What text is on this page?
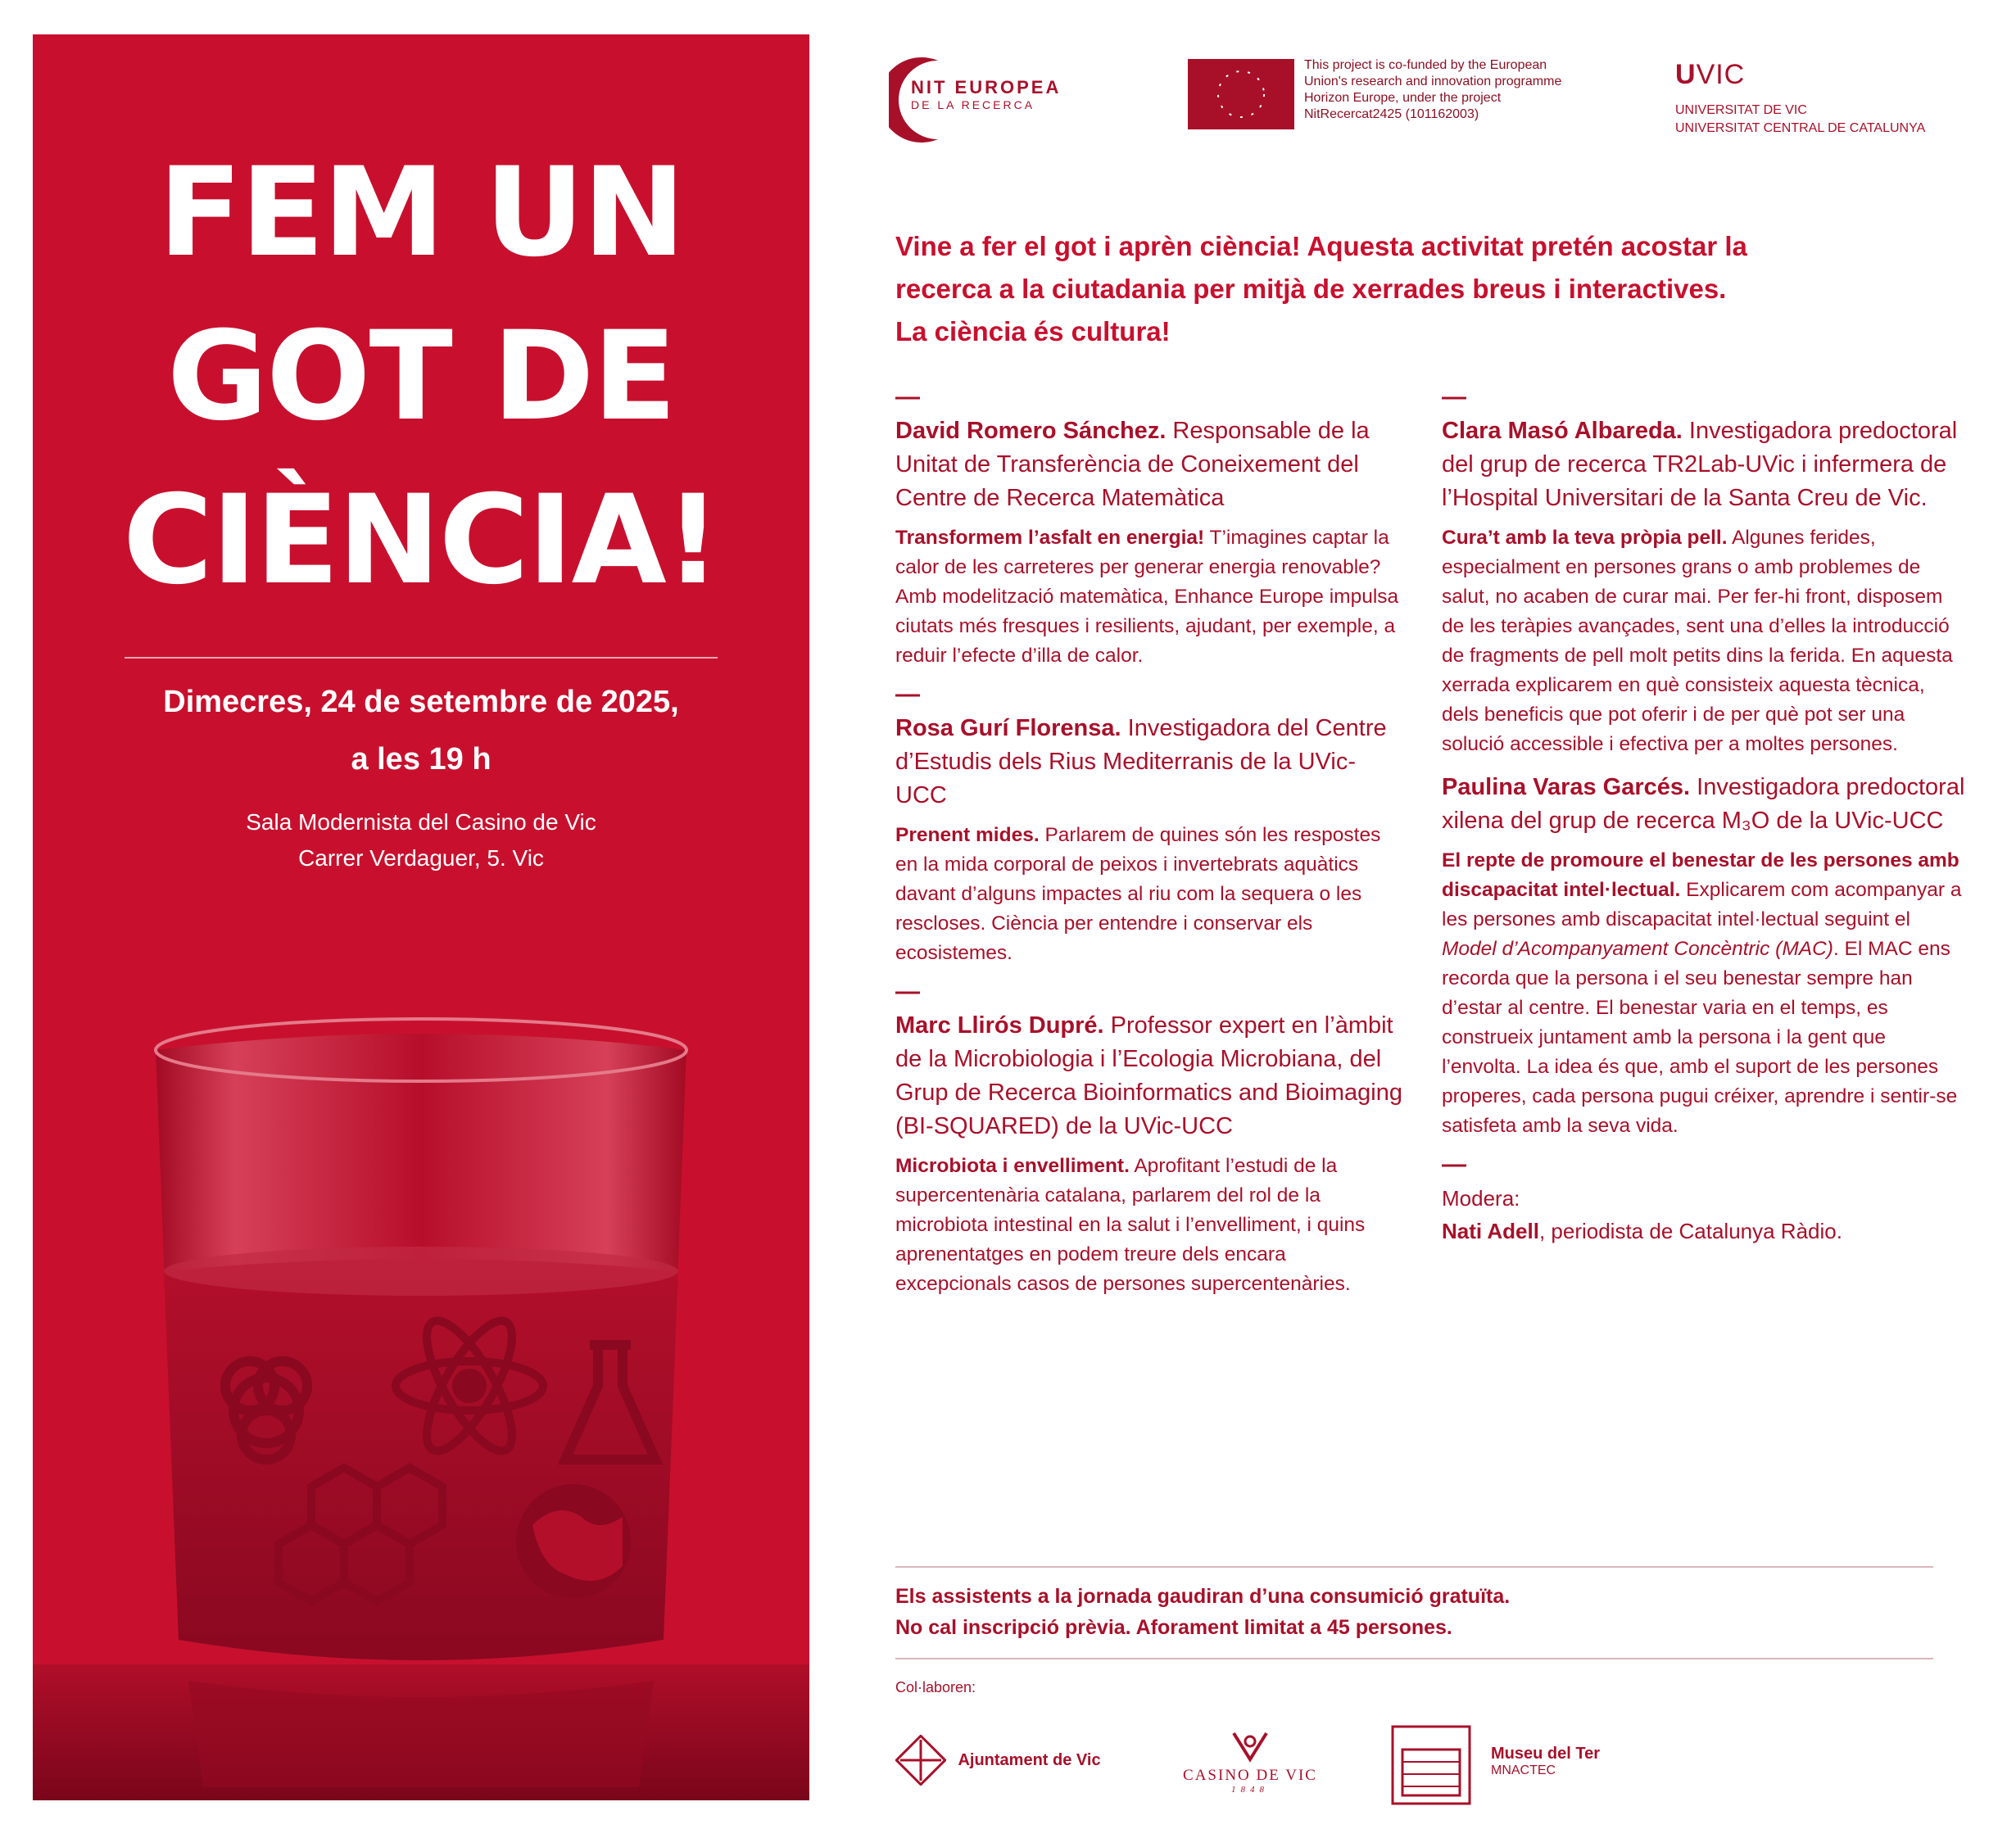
FEM UN
GOT DE
CIÈNCIA!
Dimecres, 24 de setembre de 2025,
a les 19 h
Sala Modernista del Casino de Vic
Carrer Verdaguer, 5. Vic
NIT EUROPEA
DE LA RECERCA
This project is co-funded by the European
Union's research and innovation programme
Horizon Europe, under the project
NitRecercat2425 (101162003)
UVIC
UNIVERSITAT DE VIC
UNIVERSITAT CENTRAL DE CATALUNYA
Vine a fer el got i aprèn ciència! Aquesta activitat pretén acostar la
recerca a la ciutadania per mitjà de xerrades breus i interactives.
La ciència és cultura!
—
David Romero Sánchez. Responsable de la Unitat de Transferència de Coneixement del Centre de Recerca Matemàtica
Transformem l’asfalt en energia! T’imagines captar la calor de les carreteres per generar energia renovable? Amb modelització matemàtica, Enhance Europe impulsa ciutats més fresques i resilients, ajudant, per exemple, a reduir l’efecte d’illa de calor.
—
Rosa Gurí Florensa. Investigadora del Centre d’Estudis dels Rius Mediterranis de la UVic-UCC
Prenent mides. Parlarem de quines són les respostes en la mida corporal de peixos i invertebrats aquàtics davant d’alguns impactes al riu com la sequera o les rescloses. Ciència per entendre i conservar els ecosistemes.
—
Marc Llirós Dupré. Professor expert en l’àmbit de la Microbiologia i l’Ecologia Microbiana, del Grup de Recerca Bioinformatics and Bioimaging (BI-SQUARED) de la UVic-UCC
Microbiota i envelliment. Aprofitant l’estudi de la supercentenària catalana, parlarem del rol de la microbiota intestinal en la salut i l’envelliment, i quins aprenentatges en podem treure dels encara excepcionals casos de persones supercentenàries.
—
Clara Masó Albareda. Investigadora predoctoral del grup de recerca TR2Lab-UVic i infermera de l’Hospital Universitari de la Santa Creu de Vic.
Cura’t amb la teva pròpia pell. Algunes ferides, especialment en persones grans o amb problemes de salut, no acaben de curar mai. Per fer-hi front, disposem de les teràpies avançades, sent una d’elles la introducció de fragments de pell molt petits dins la ferida. En aquesta xerrada explicarem en què consisteix aquesta tècnica, dels beneficis que pot oferir i de per què pot ser una solució accessible i efectiva per a moltes persones.
Paulina Varas Garcés. Investigadora predoctoral xilena del grup de recerca M₃O de la UVic-UCC
El repte de promoure el benestar de les persones amb discapacitat intel·lectual. Explicarem com acompanyar a les persones amb discapacitat intel·lectual seguint el Model d’Acompanyament Concèntric (MAC). El MAC ens recorda que la persona i el seu benestar sempre han d’estar al centre. El benestar varia en el temps, es construeix juntament amb la persona i la gent que l’envolta. La idea és que, amb el suport de les persones properes, cada persona pugui créixer, aprendre i sentir-se satisfeta amb la seva vida.
—
Modera:
Nati Adell, periodista de Catalunya Ràdio.
Els assistents a la jornada gaudiran d’una consumició gratuïta.
No cal inscripció prèvia. Aforament limitat a 45 persones.
Col·laboren:
Ajuntament de Vic
CASINO DE VIC
1848
Museu del Ter
MNACTEC
